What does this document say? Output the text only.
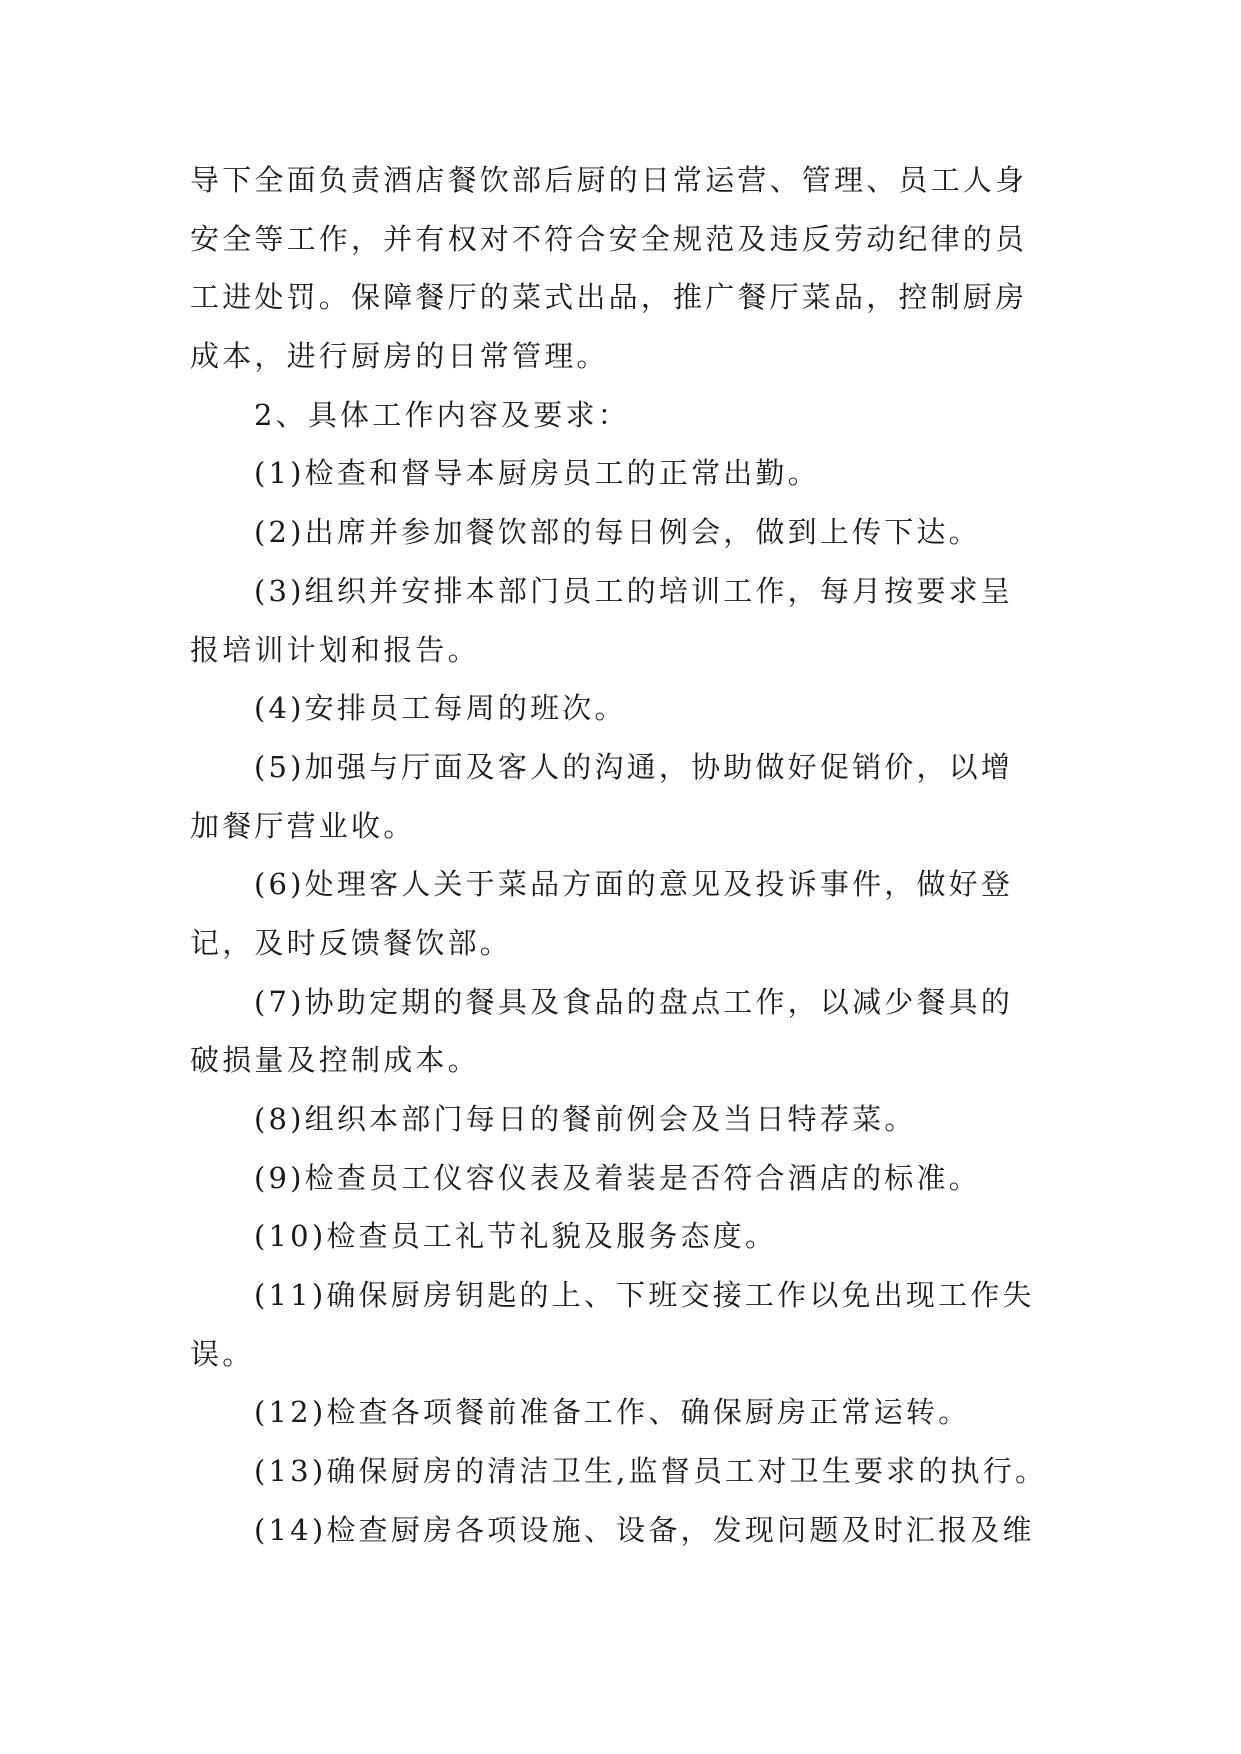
导下全面负责酒店餐饮部后厨的日常运营、管理、员工人身
安全等工作，并有权对不符合安全规范及违反劳动纪律的员
工进处罚。保障餐厅的菜式出品，推广餐厅菜品，控制厨房
成本，进行厨房的日常管理。
2、具体工作内容及要求：
(1)检查和督导本厨房员工的正常出勤。
(2)出席并参加餐饮部的每日例会，做到上传下达。
(3)组织并安排本部门员工的培训工作，每月按要求呈
报培训计划和报告。
(4)安排员工每周的班次。
(5)加强与厅面及客人的沟通，协助做好促销价，以增
加餐厅营业收。
(6)处理客人关于菜品方面的意见及投诉事件，做好登
记，及时反馈餐饮部。
(7)协助定期的餐具及食品的盘点工作，以减少餐具的
破损量及控制成本。
(8)组织本部门每日的餐前例会及当日特荐菜。
(9)检查员工仪容仪表及着装是否符合酒店的标准。
(10)检查员工礼节礼貌及服务态度。
(11)确保厨房钥匙的上、下班交接工作以免出现工作失
误。
(12)检查各项餐前准备工作、确保厨房正常运转。
(13)确保厨房的清洁卫生,监督员工对卫生要求的执行。
(14)检查厨房各项设施、设备，发现问题及时汇报及维
